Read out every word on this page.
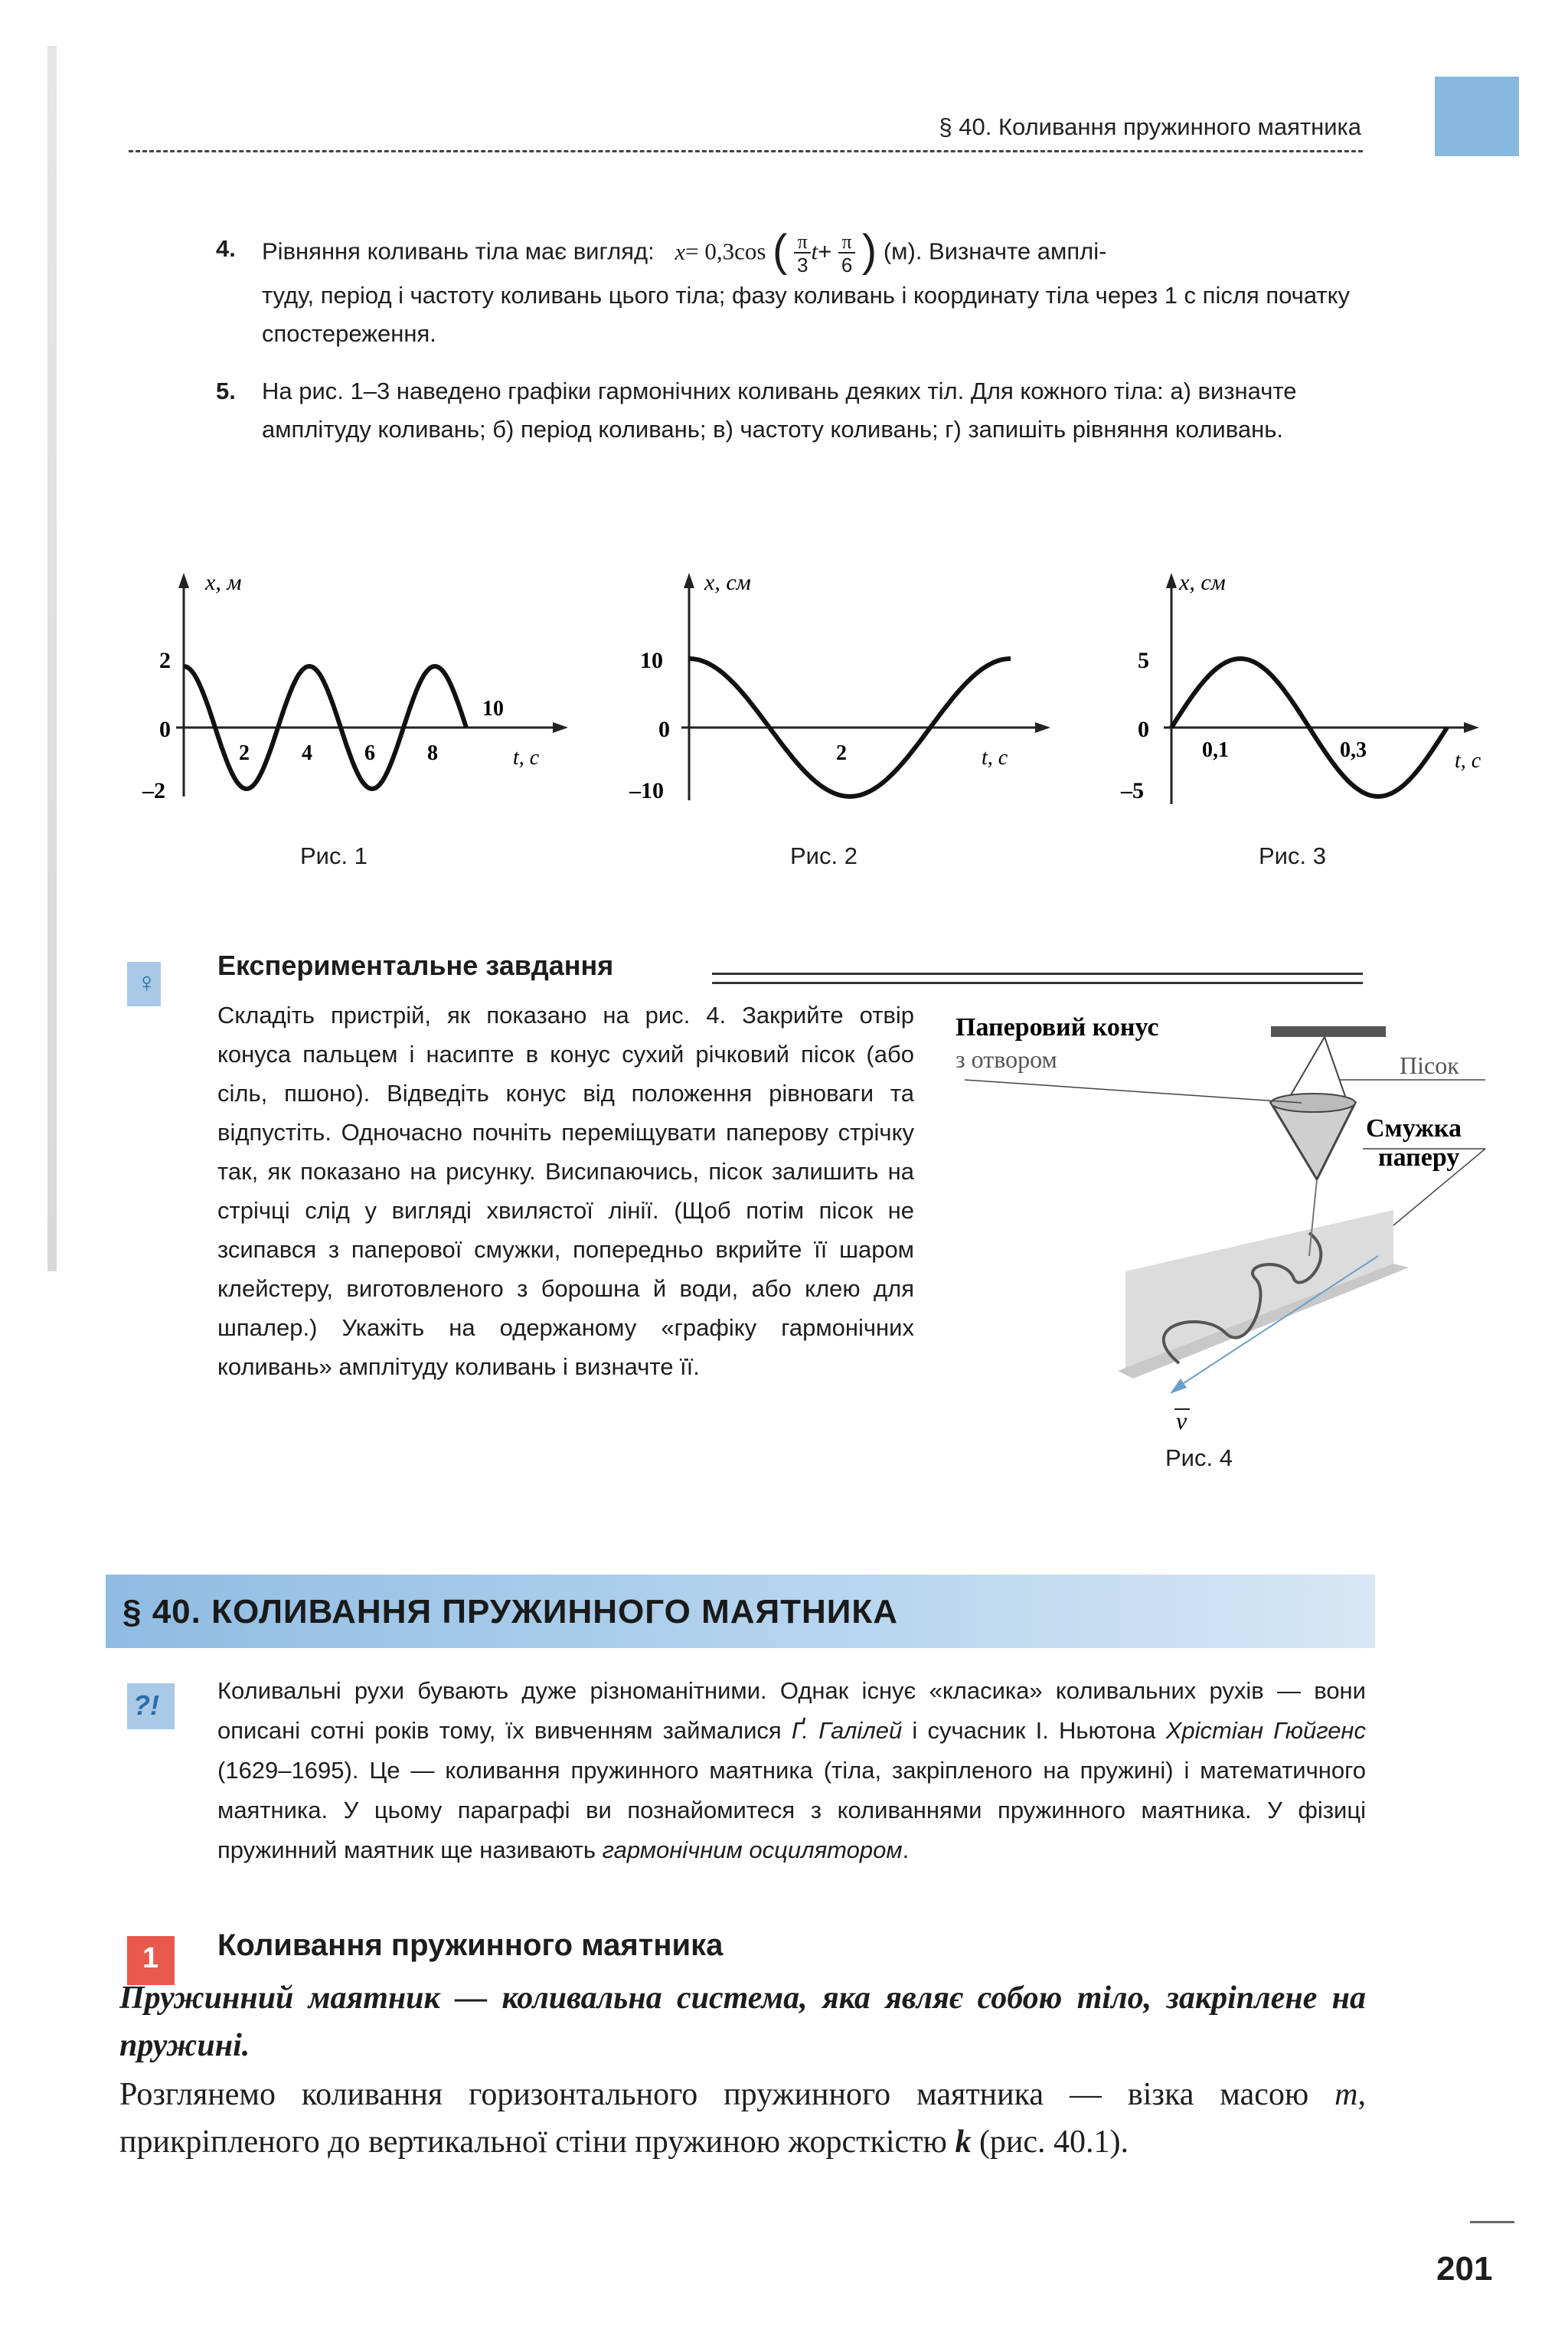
§ 40. Коливання пружинного маятника
4. Рівняння коливань тіла має вигляд: x= 0,3cos ( $\frac{\pi}{3}t+ \frac{\pi}{6}$ ) (м). Визначте амплі-
туду, період і частоту коливань цього тіла; фазу коливань і координату тіла через 1 с після початку спостереження.
5. На рис. 1–3 наведено графіки гармонічних коливань деяких тіл. Для кожного тіла: а) визначте амплітуду коливань; б) період коливань; в) частоту коливань; г) запишіть рівняння коливань.
x, м
t, c
2
0
–2
2 4 6 8
10
Рис. 1
x, см
t, с
10
0
–10
2
Рис. 2
x, см
t, с
5
0
–5
0,1	0,3
Рис. 3
♀
Експериментальне завдання
Складіть пристрій, як показано на рис. 4. Закрийте отвір конуса пальцем і насипте в конус сухий річковий пісок (або сіль, пшоно). Відведіть конус від положення рівноваги та відпустіть. Одночасно почніть переміщувати паперову стрічку так, як показано на рисунку. Висипаючись, пісок залишить на стрічці слід у вигляді хвилястої лінії. (Щоб потім пісок не зсипався з паперової смужки, попередньо вкрийте її шаром клейстеру, виготовленого з борошна й води, або клею для шпалер.) Укажіть на одержаному «графіку гармонічних коливань» амплітуду коливань і визначте її.
Паперовий конус
з отвором	Пісок
Смужка
паперу
v
Рис. 4
§ 40. КОЛИВАННЯ ПРУЖИННОГО МАЯТНИКА
?! Коливальні рухи бувають дуже різноманітними. Однак існує «класика» коливальних рухів — вони описані сотні років тому, їх вивченням займалися Ґ. Галілей і сучасник І. Ньютона Хрістіан Гюйгенс (1629–1695). Це — коливання пружинного маятника (тіла, закріпленого на пружині) і математичного маятника. У цьому параграфі ви познайомитеся з коливаннями пружинного маятника. У фізиці пружинний маятник ще називають гармонічним осцилятором.
1 Коливання пружинного маятника
Пружинний маятник — коливальна система, яка являє собою тіло, закріплене на пружині.
Розглянемо коливання горизонтального пружинного маятника — візка масою m, прикріпленого до вертикальної стіни пружиною жорсткістю k (рис. 40.1).
201
